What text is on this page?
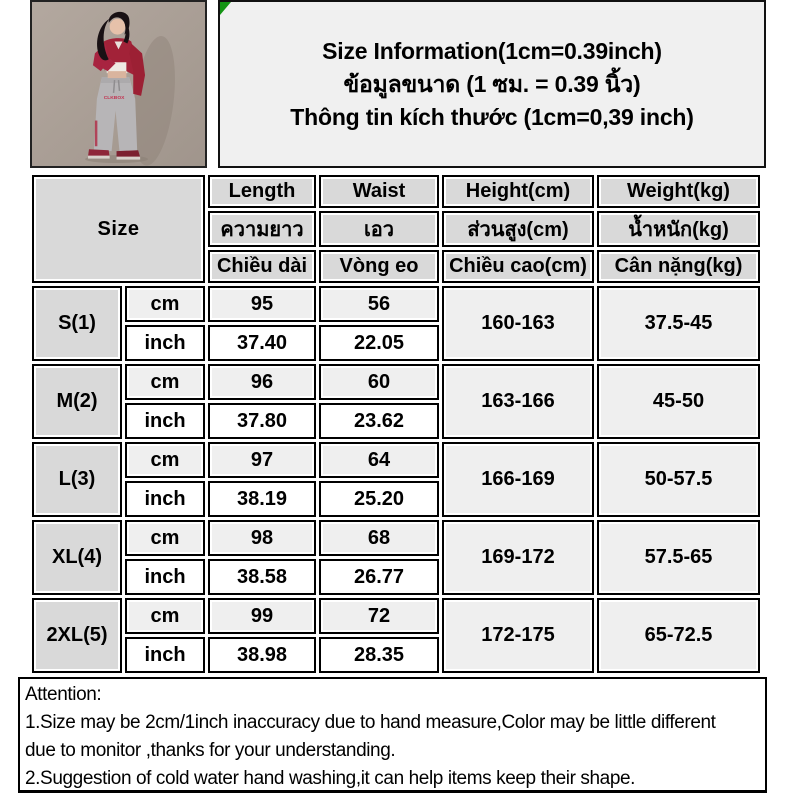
CLKBOX
Size Information(1cm=0.39inch)
ข้อมูลขนาด (1 ซม. = 0.39 นิ้ว)
Thông tin kích thước (1cm=0,39 inch)
Size		Length	Waist	Height(cm)	Weight(kg)
		ความยาว	เอว	ส่วนสูง(cm)	น้ำหนัก(kg)
		Chiều dài	Vòng eo	Chiều cao(cm)	Cân nặng(kg)
S(1)	cm	95	56	160-163	37.5-45
	inch	37.40	22.05		
M(2)	cm	96	60	163-166	45-50
	inch	37.80	23.62		
L(3)	cm	97	64	166-169	50-57.5
	inch	38.19	25.20		
XL(4)	cm	98	68	169-172	57.5-65
	inch	38.58	26.77		
2XL(5)	cm	99	72	172-175	65-72.5
	inch	38.98	28.35		
Attention:
1.Size may be 2cm/1inch inaccuracy due to hand measure,Color may be little different
due to monitor ,thanks for your understanding.
2.Suggestion of cold water hand washing,it can help items keep their shape.
